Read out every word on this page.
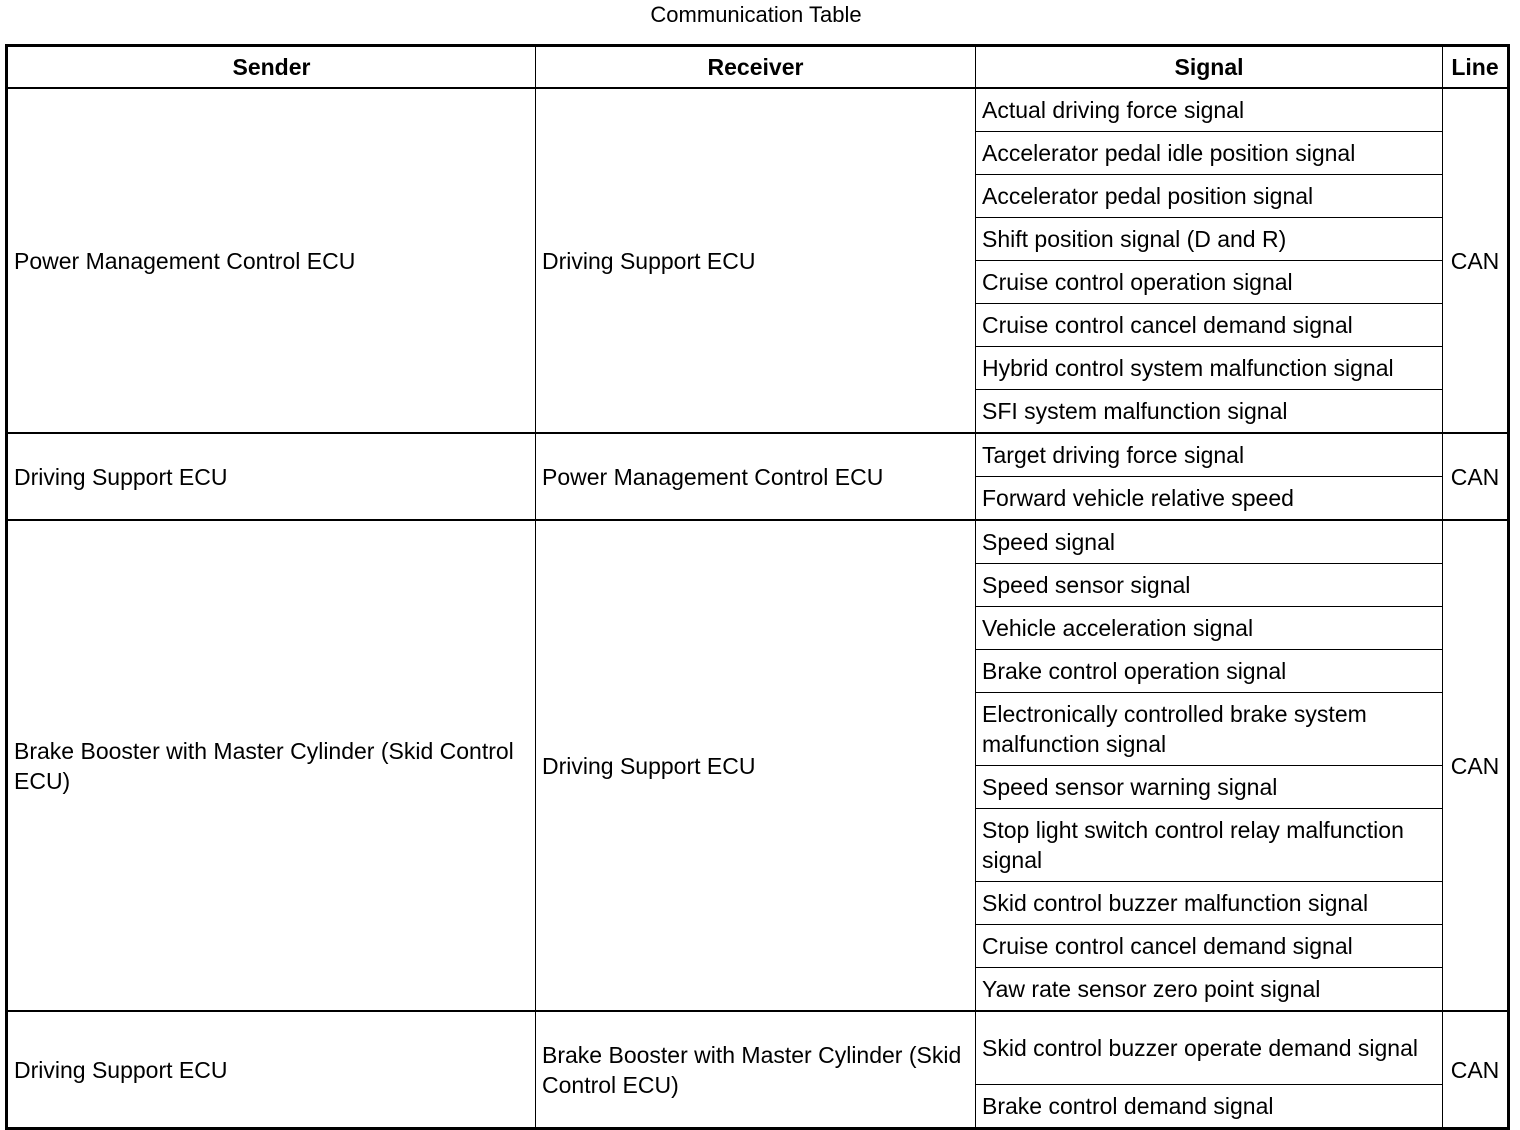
Communication Table
Sender	Receiver	Signal	Line
Power Management Control ECU	Driving Support ECU	Actual driving force signal	CAN
		Accelerator pedal idle position signal	
		Accelerator pedal position signal	
		Shift position signal (D and R)	
		Cruise control operation signal	
		Cruise control cancel demand signal	
		Hybrid control system malfunction signal	
		SFI system malfunction signal	
Driving Support ECU	Power Management Control ECU	Target driving force signal	CAN
		Forward vehicle relative speed	
Brake Booster with Master Cylinder (Skid Control ECU)	Driving Support ECU	Speed signal	CAN
		Speed sensor signal	
		Vehicle acceleration signal	
		Brake control operation signal	
		Electronically controlled brake system malfunction signal	
		Speed sensor warning signal	
		Stop light switch control relay malfunction signal	
		Skid control buzzer malfunction signal	
		Cruise control cancel demand signal	
		Yaw rate sensor zero point signal	
Driving Support ECU	Brake Booster with Master Cylinder (Skid Control ECU)	Skid control buzzer operate demand signal	CAN
		Brake control demand signal	
